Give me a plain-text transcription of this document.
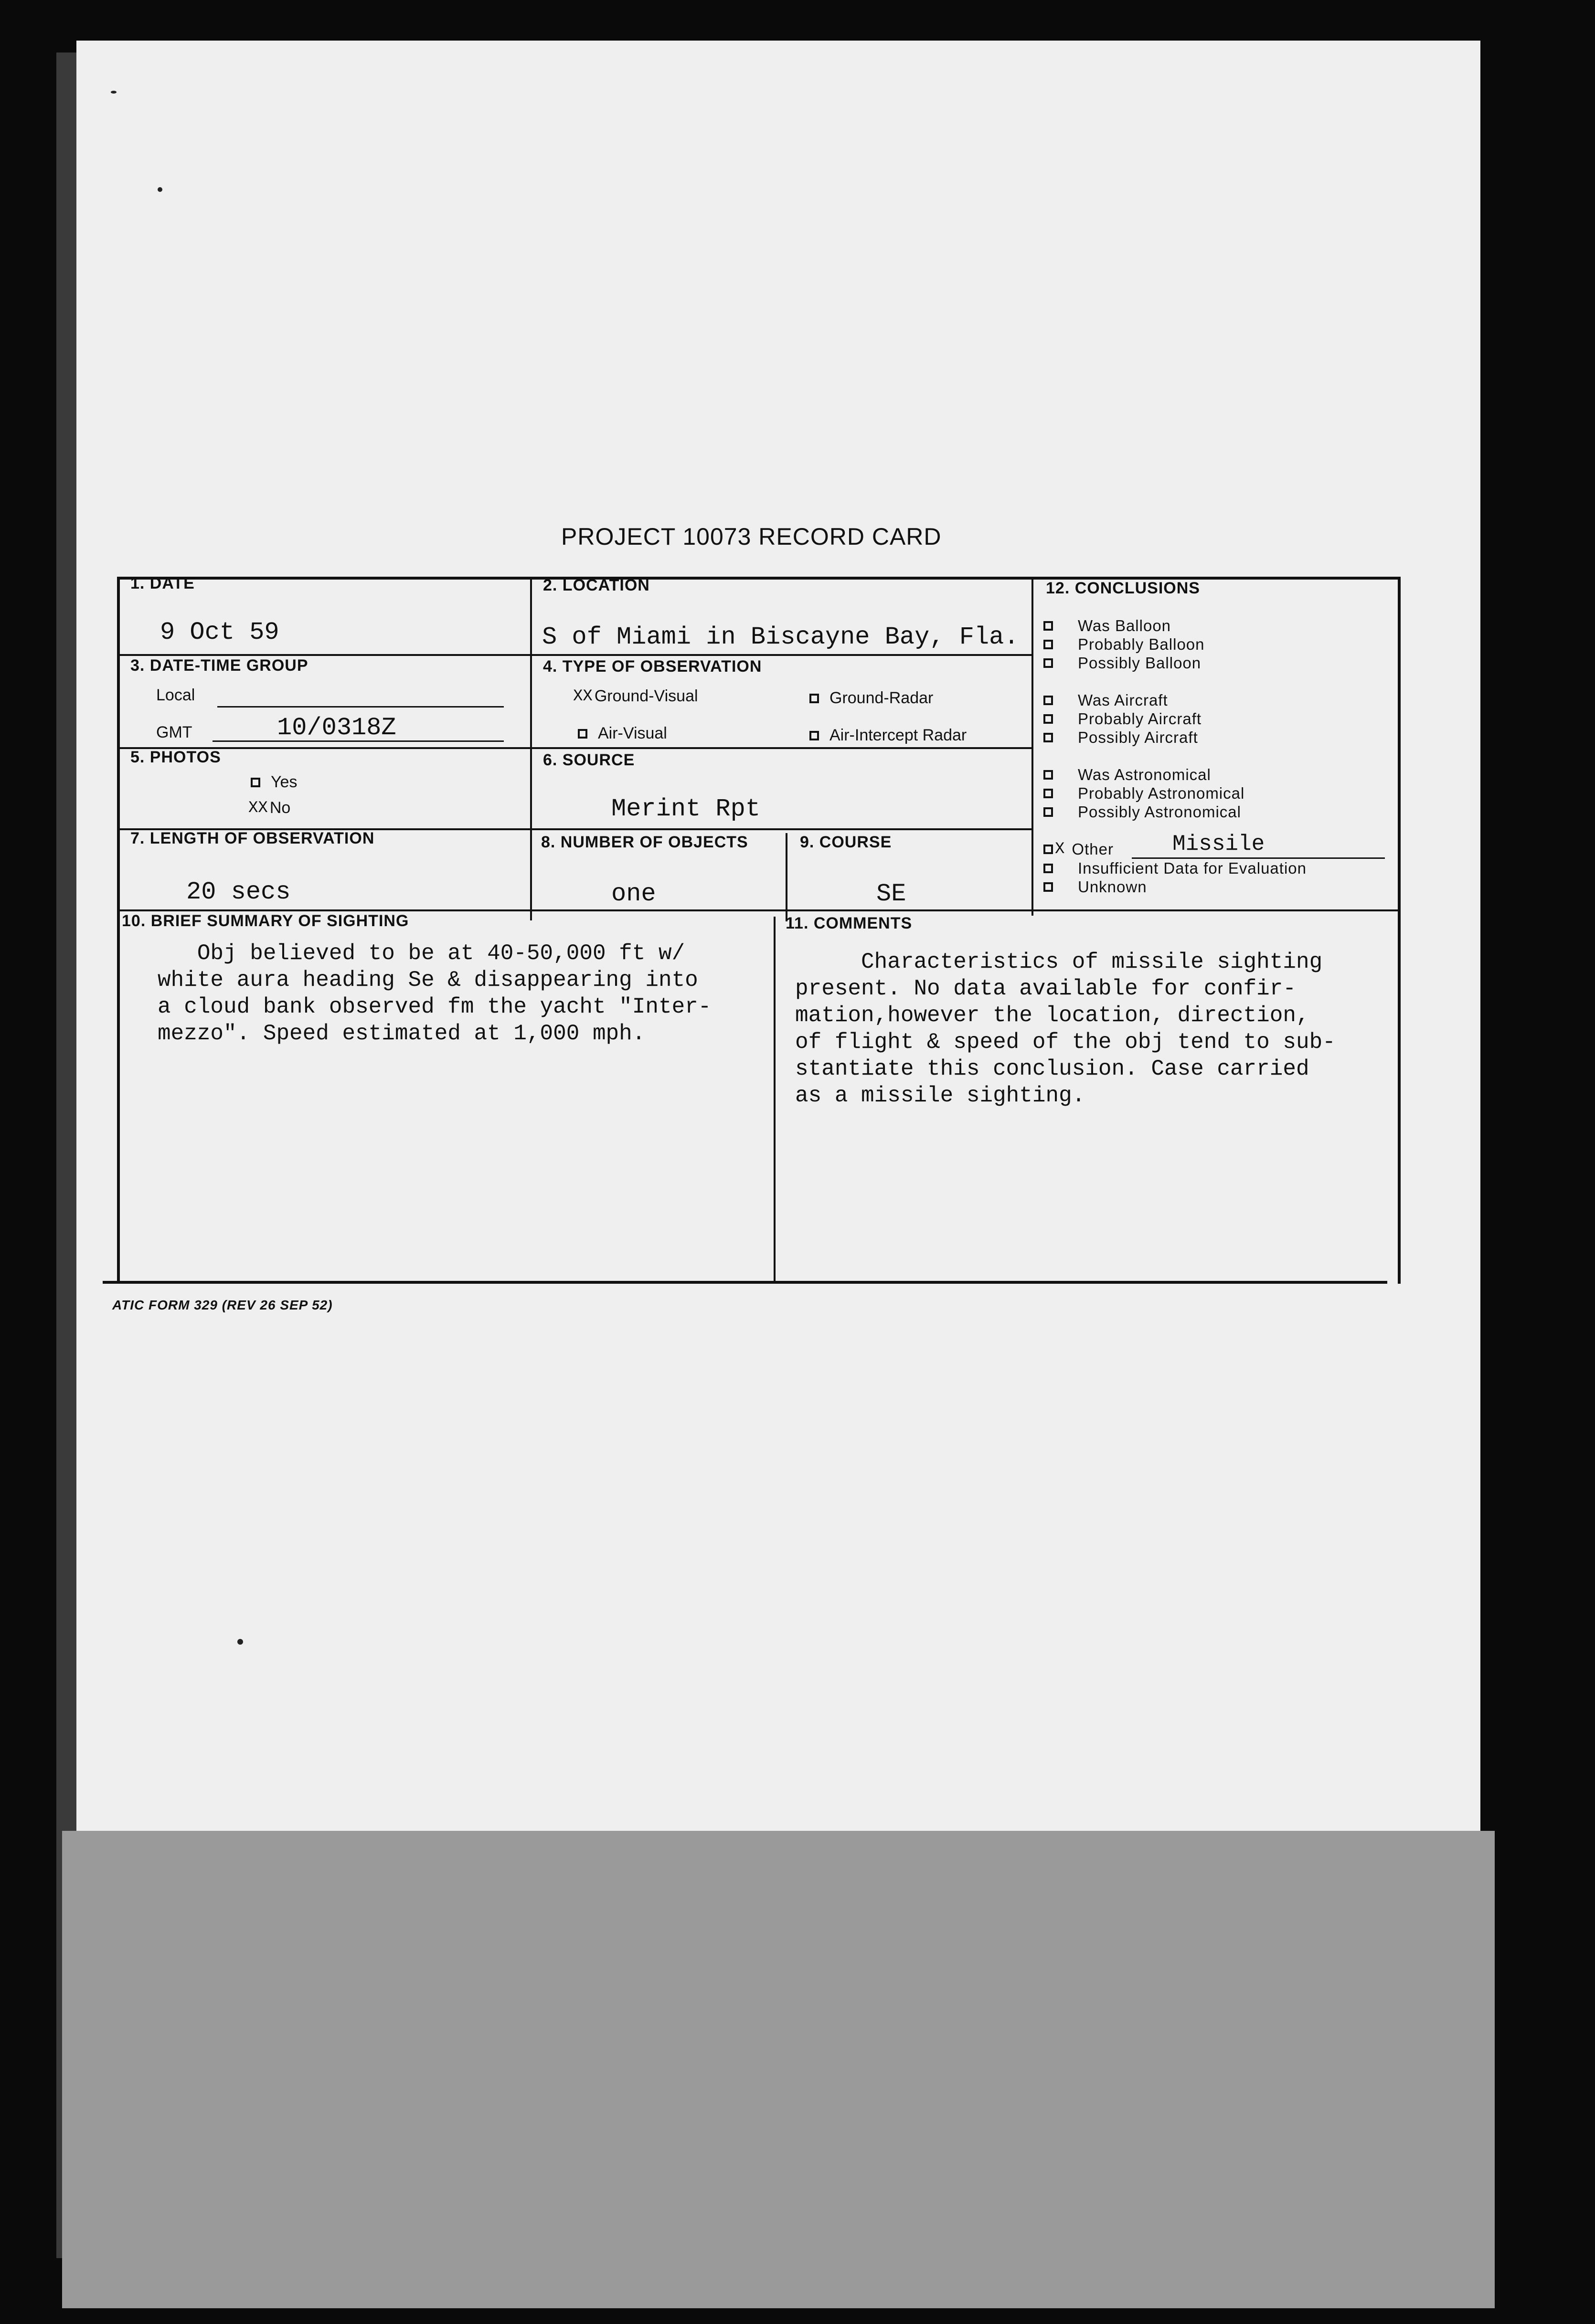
PROJECT 10073 RECORD CARD
1. DATE
9 Oct 59
2. LOCATION
S of Miami in Biscayne Bay, Fla.
3. DATE-TIME GROUP
Local
GMT	10/0318Z
4. TYPE OF OBSERVATION
XX Ground-Visual	Ground-Radar
Air-Visual	Air-Intercept Radar
5. PHOTOS
Yes
XX No
6. SOURCE
Merint Rpt
7. LENGTH OF OBSERVATION
20 secs
8. NUMBER OF OBJECTS
one
9. COURSE
SE
12. CONCLUSIONS
10. BRIEF SUMMARY OF SIGHTING
Obj believed to be at 40-50,000 ft w/
white aura heading Se & disappearing into
a cloud bank observed fm the yacht "Inter-
mezzo". Speed estimated at 1,000 mph.
11. COMMENTS
Characteristics of missile sighting
present. No data available for confir-
mation,however the location, direction,
of flight & speed of the obj tend to sub-
stantiate this conclusion. Case carried
as a missile sighting.
Was Balloon
Probably Balloon
Possibly Balloon
Was Aircraft
Probably Aircraft
Possibly Aircraft
Was Astronomical
Probably Astronomical
Possibly Astronomical
X Other	Missile
Insufficient Data for Evaluation
Unknown
ATIC FORM 329 (REV 26 SEP 52)
